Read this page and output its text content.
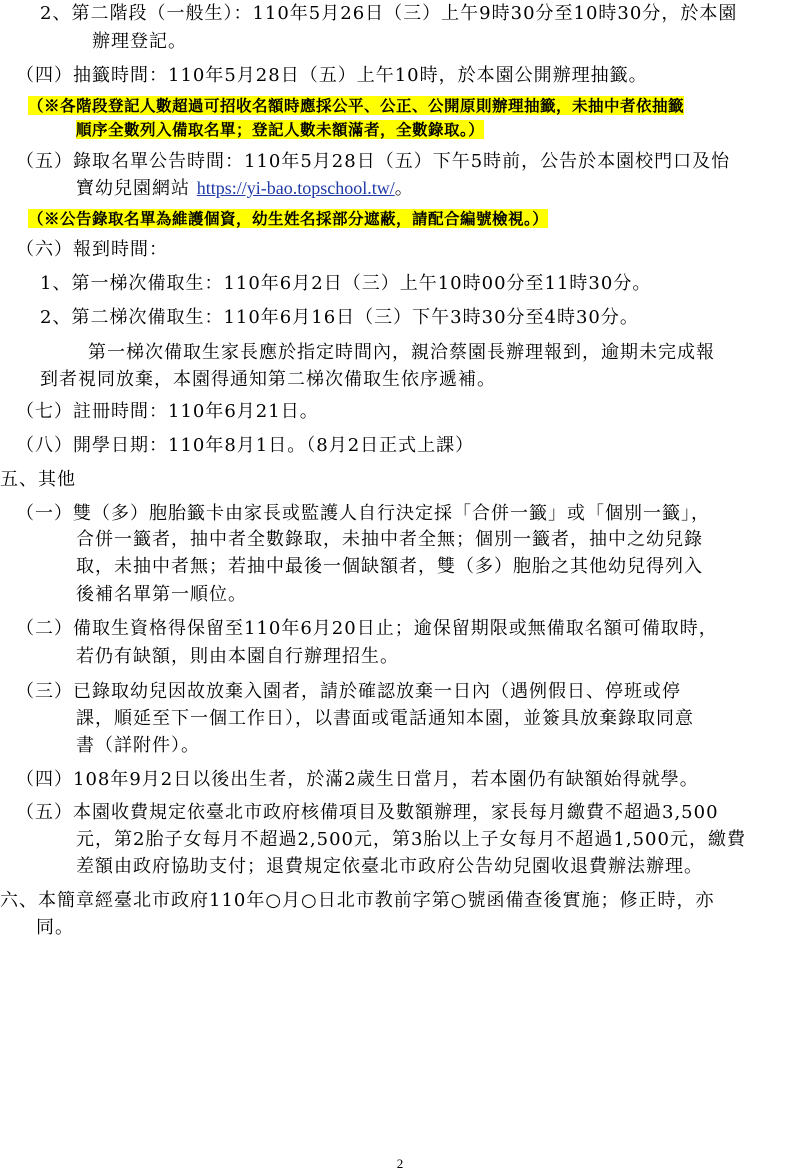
2、第二階段（一般生）：110年5月26日（三）上午9時30分至10時30分，於本園
辦理登記。
（四）抽籤時間：110年5月28日（五）上午10時，於本園公開辦理抽籤。
（※各階段登記人數超過可招收名額時應採公平、公正、公開原則辦理抽籤，未抽中者依抽籤
順序全數列入備取名單；登記人數未額滿者，全數錄取。）
（五）錄取名單公告時間：110年5月28日（五）下午5時前，公告於本園校門口及怡
寶幼兒園網站 https://yi-bao.topschool.tw/。
（※公告錄取名單為維護個資，幼生姓名採部分遮蔽，請配合編號檢視。）
（六）報到時間：
1、第一梯次備取生：110年6月2日（三）上午10時00分至11時30分。
2、第二梯次備取生：110年6月16日（三）下午3時30分至4時30分。
第一梯次備取生家長應於指定時間內，親洽蔡園長辦理報到，逾期未完成報
到者視同放棄，本園得通知第二梯次備取生依序遞補。
（七）註冊時間：110年6月21日。
（八）開學日期：110年8月1日。（8月2日正式上課）
五、其他
（一）雙（多）胞胎籤卡由家長或監護人自行決定採「合併一籤」或「個別一籤」，
合併一籤者，抽中者全數錄取，未抽中者全無；個別一籤者，抽中之幼兒錄
取，未抽中者無；若抽中最後一個缺額者，雙（多）胞胎之其他幼兒得列入
後補名單第一順位。
（二）備取生資格得保留至110年6月20日止；逾保留期限或無備取名額可備取時，
若仍有缺額，則由本園自行辦理招生。
（三）已錄取幼兒因故放棄入園者，請於確認放棄一日內（遇例假日、停班或停
課，順延至下一個工作日），以書面或電話通知本園，並簽具放棄錄取同意
書（詳附件）。
（四）108年9月2日以後出生者，於滿2歲生日當月，若本園仍有缺額始得就學。
（五）本園收費規定依臺北市政府核備項目及數額辦理，家長每月繳費不超過3,500
元，第2胎子女每月不超過2,500元，第3胎以上子女每月不超過1,500元，繳費
差額由政府協助支付；退費規定依臺北市政府公告幼兒園收退費辦法辦理。
六、本簡章經臺北市政府110年○月○日北市教前字第○號函備查後實施；修正時，亦
同。
2
